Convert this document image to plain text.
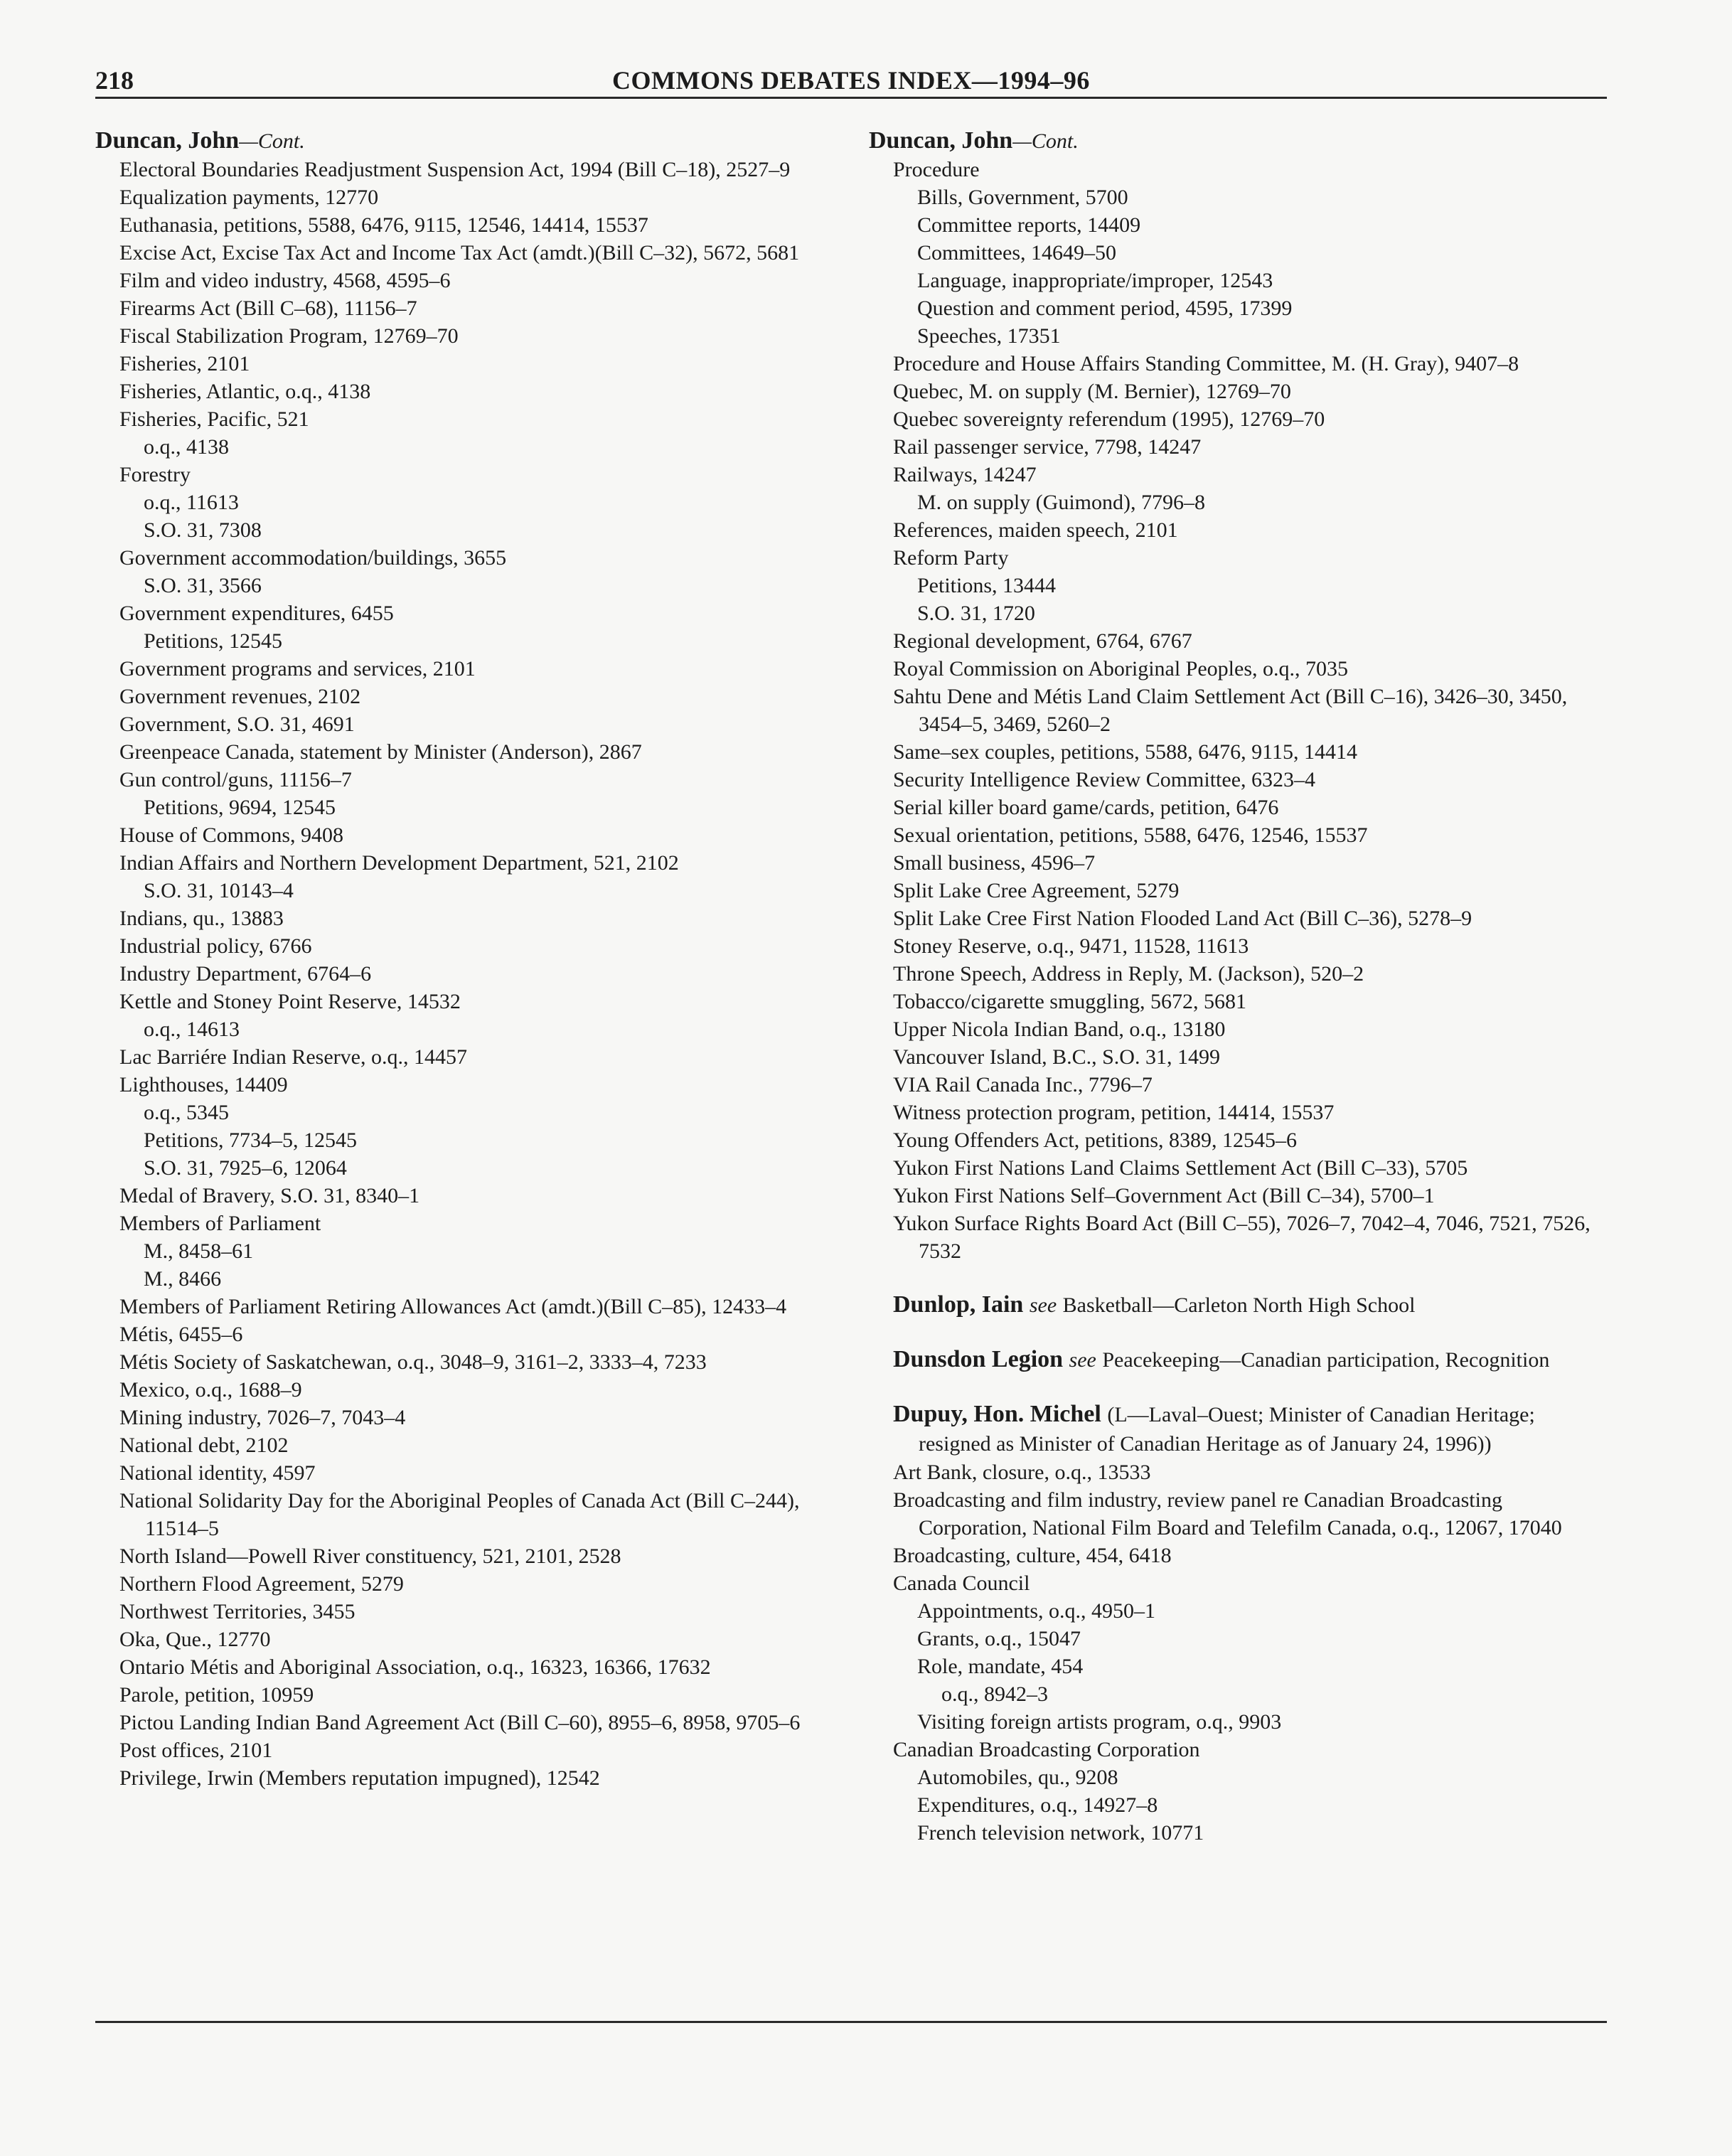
218	COMMONS DEBATES INDEX—1994–96
Duncan, John—Cont.
Electoral Boundaries Readjustment Suspension Act, 1994 (Bill C–18), 2527–9
Equalization payments, 12770
Euthanasia, petitions, 5588, 6476, 9115, 12546, 14414, 15537
Excise Act, Excise Tax Act and Income Tax Act (amdt.)(Bill C–32), 5672, 5681
Film and video industry, 4568, 4595–6
Firearms Act (Bill C–68), 11156–7
Fiscal Stabilization Program, 12769–70
Fisheries, 2101
Fisheries, Atlantic, o.q., 4138
Fisheries, Pacific, 521
o.q., 4138
Forestry
o.q., 11613
S.O. 31, 7308
Government accommodation/buildings, 3655
S.O. 31, 3566
Government expenditures, 6455
Petitions, 12545
Government programs and services, 2101
Government revenues, 2102
Government, S.O. 31, 4691
Greenpeace Canada, statement by Minister (Anderson), 2867
Gun control/guns, 11156–7
Petitions, 9694, 12545
House of Commons, 9408
Indian Affairs and Northern Development Department, 521, 2102
S.O. 31, 10143–4
Indians, qu., 13883
Industrial policy, 6766
Industry Department, 6764–6
Kettle and Stoney Point Reserve, 14532
o.q., 14613
Lac Barriére Indian Reserve, o.q., 14457
Lighthouses, 14409
o.q., 5345
Petitions, 7734–5, 12545
S.O. 31, 7925–6, 12064
Medal of Bravery, S.O. 31, 8340–1
Members of Parliament
M., 8458–61
M., 8466
Members of Parliament Retiring Allowances Act (amdt.)(Bill C–85), 12433–4
Métis, 6455–6
Métis Society of Saskatchewan, o.q., 3048–9, 3161–2, 3333–4, 7233
Mexico, o.q., 1688–9
Mining industry, 7026–7, 7043–4
National debt, 2102
National identity, 4597
National Solidarity Day for the Aboriginal Peoples of Canada Act (Bill C–244), 11514–5
North Island—Powell River constituency, 521, 2101, 2528
Northern Flood Agreement, 5279
Northwest Territories, 3455
Oka, Que., 12770
Ontario Métis and Aboriginal Association, o.q., 16323, 16366, 17632
Parole, petition, 10959
Pictou Landing Indian Band Agreement Act (Bill C–60), 8955–6, 8958, 9705–6
Post offices, 2101
Privilege, Irwin (Members reputation impugned), 12542
Duncan, John—Cont.
Procedure
Bills, Government, 5700
Committee reports, 14409
Committees, 14649–50
Language, inappropriate/improper, 12543
Question and comment period, 4595, 17399
Speeches, 17351
Procedure and House Affairs Standing Committee, M. (H. Gray), 9407–8
Quebec, M. on supply (M. Bernier), 12769–70
Quebec sovereignty referendum (1995), 12769–70
Rail passenger service, 7798, 14247
Railways, 14247
M. on supply (Guimond), 7796–8
References, maiden speech, 2101
Reform Party
Petitions, 13444
S.O. 31, 1720
Regional development, 6764, 6767
Royal Commission on Aboriginal Peoples, o.q., 7035
Sahtu Dene and Métis Land Claim Settlement Act (Bill C–16), 3426–30, 3450, 3454–5, 3469, 5260–2
Same–sex couples, petitions, 5588, 6476, 9115, 14414
Security Intelligence Review Committee, 6323–4
Serial killer board game/cards, petition, 6476
Sexual orientation, petitions, 5588, 6476, 12546, 15537
Small business, 4596–7
Split Lake Cree Agreement, 5279
Split Lake Cree First Nation Flooded Land Act (Bill C–36), 5278–9
Stoney Reserve, o.q., 9471, 11528, 11613
Throne Speech, Address in Reply, M. (Jackson), 520–2
Tobacco/cigarette smuggling, 5672, 5681
Upper Nicola Indian Band, o.q., 13180
Vancouver Island, B.C., S.O. 31, 1499
VIA Rail Canada Inc., 7796–7
Witness protection program, petition, 14414, 15537
Young Offenders Act, petitions, 8389, 12545–6
Yukon First Nations Land Claims Settlement Act (Bill C–33), 5705
Yukon First Nations Self–Government Act (Bill C–34), 5700–1
Yukon Surface Rights Board Act (Bill C–55), 7026–7, 7042–4, 7046, 7521, 7526, 7532
Dunlop, Iain see Basketball—Carleton North High School
Dunsdon Legion see Peacekeeping—Canadian participation, Recognition
Dupuy, Hon. Michel (L—Laval–Ouest; Minister of Canadian Heritage; resigned as Minister of Canadian Heritage as of January 24, 1996))
Art Bank, closure, o.q., 13533
Broadcasting and film industry, review panel re Canadian Broadcasting Corporation, National Film Board and Telefilm Canada, o.q., 12067, 17040
Broadcasting, culture, 454, 6418
Canada Council
Appointments, o.q., 4950–1
Grants, o.q., 15047
Role, mandate, 454
o.q., 8942–3
Visiting foreign artists program, o.q., 9903
Canadian Broadcasting Corporation
Automobiles, qu., 9208
Expenditures, o.q., 14927–8
French television network, 10771
